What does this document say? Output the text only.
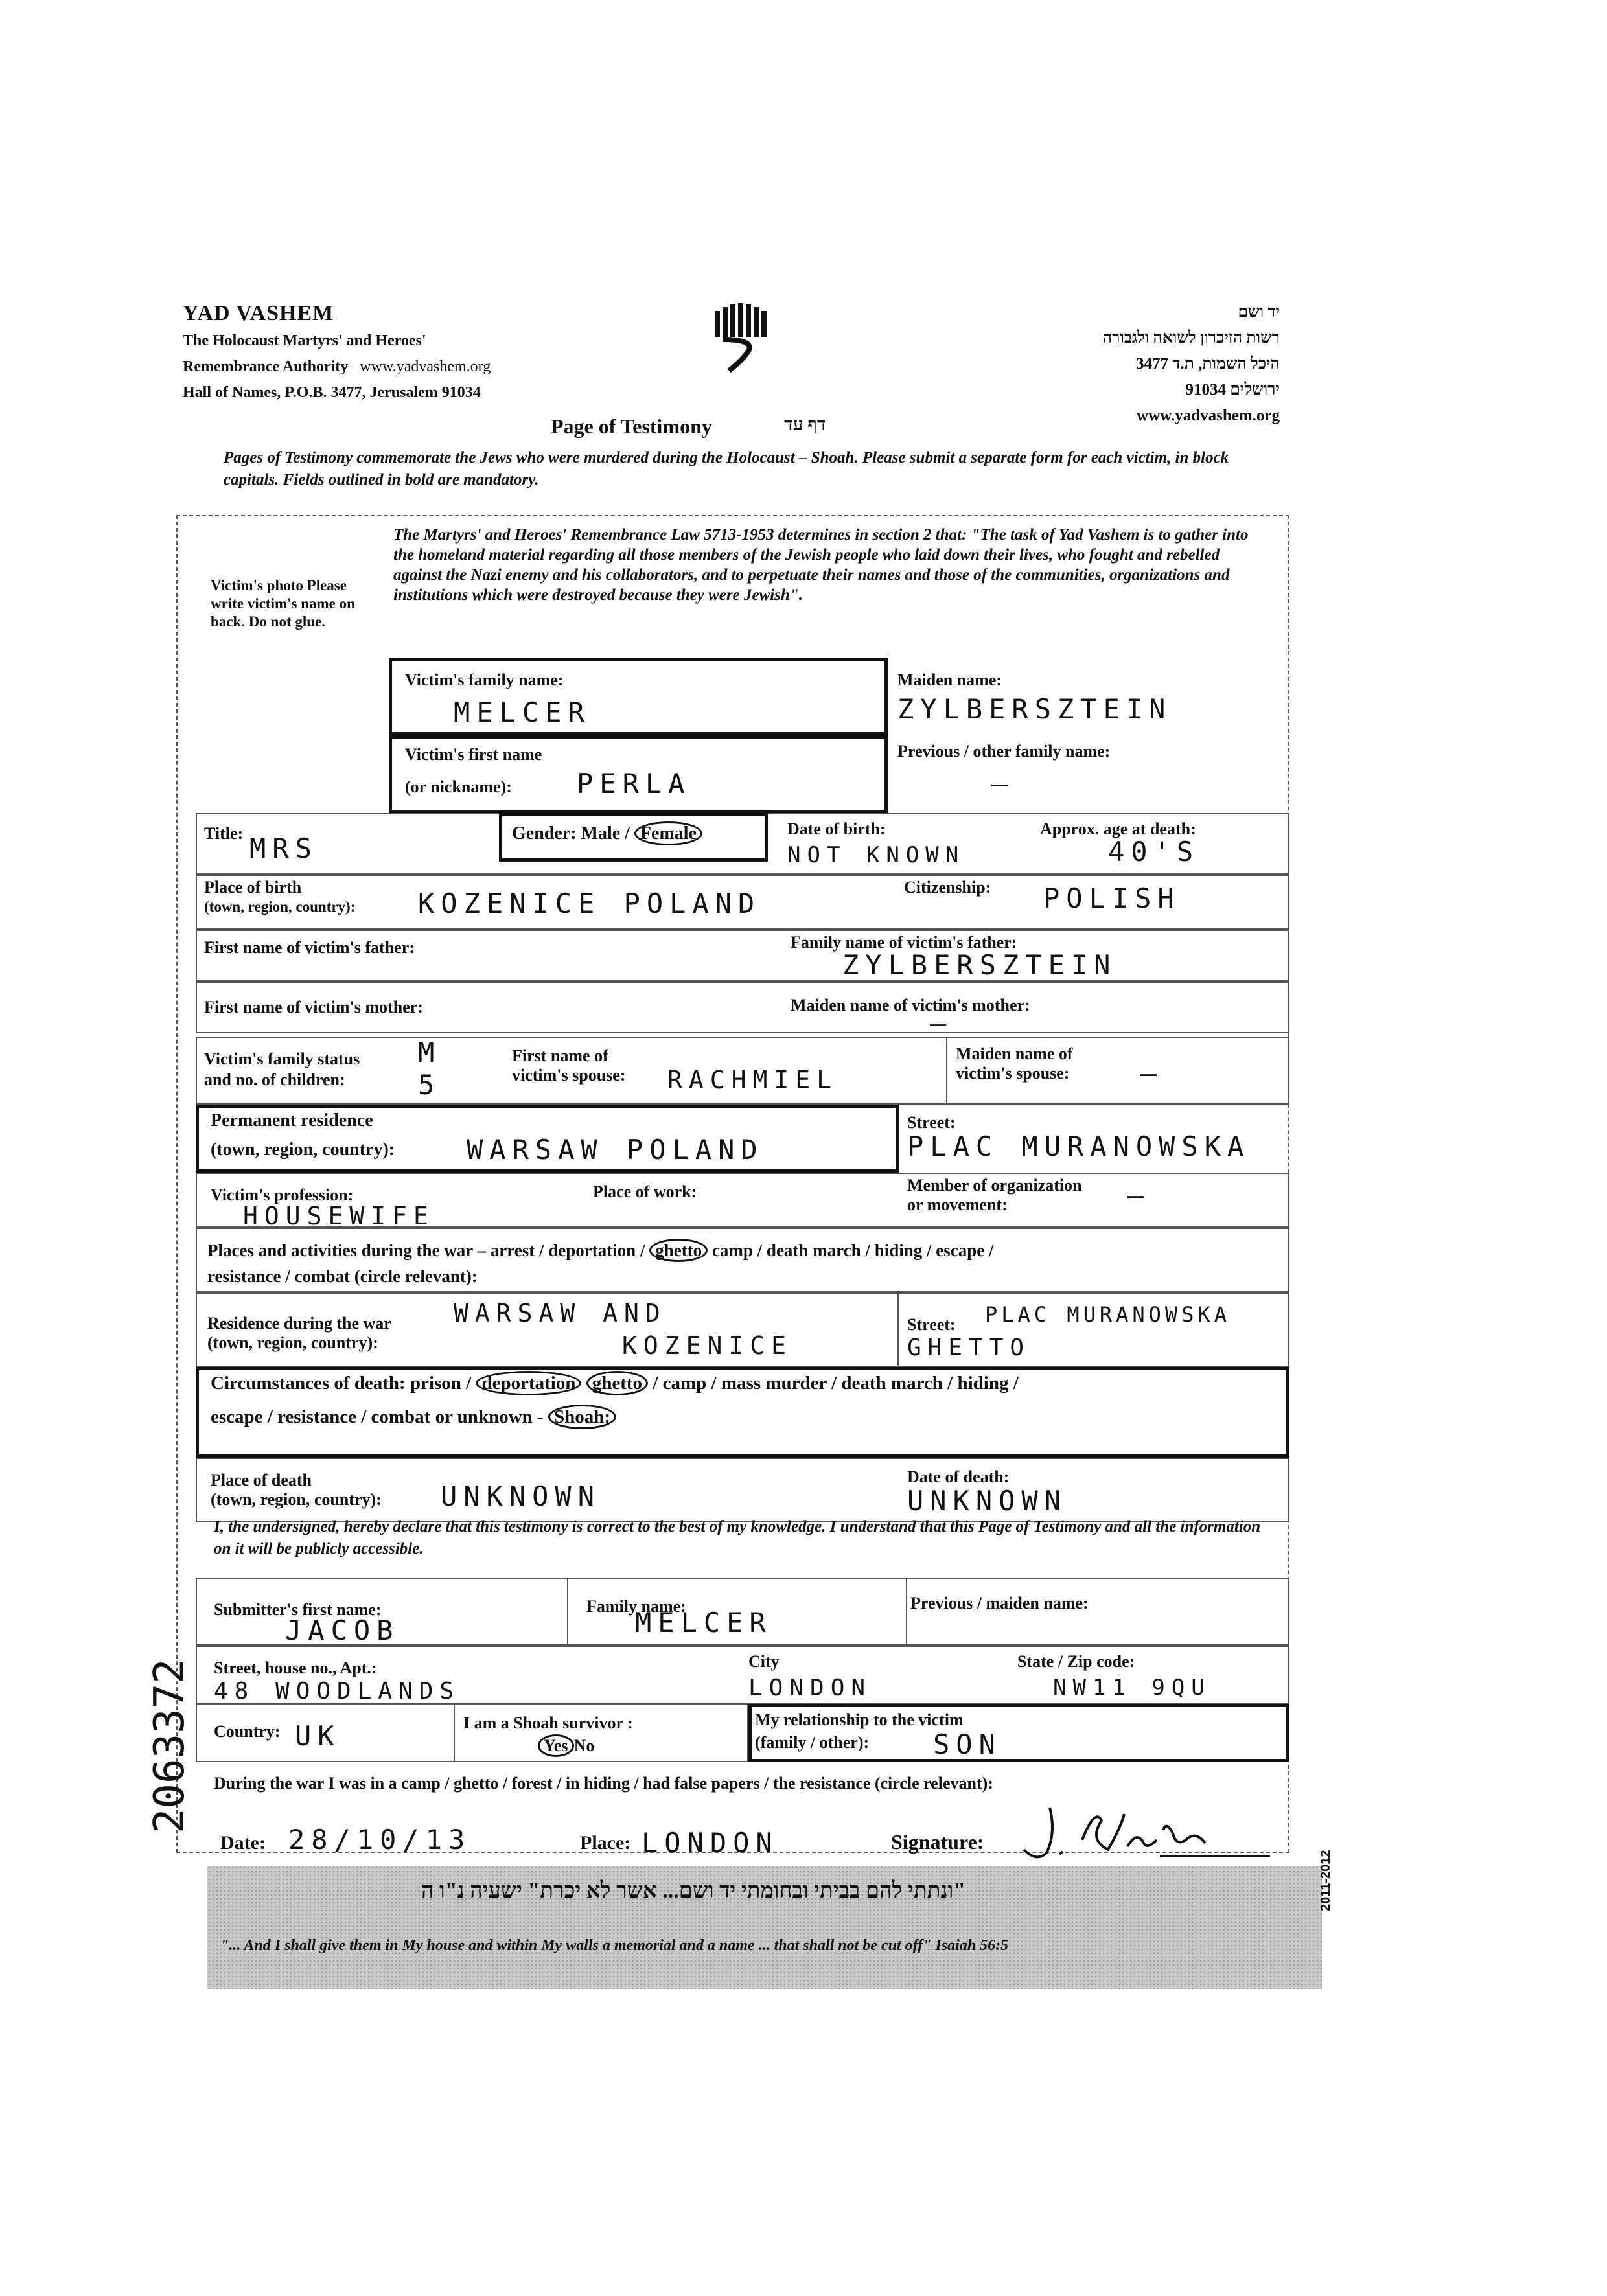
YAD VASHEM
The Holocaust Martyrs' and Heroes'
Remembrance Authority www.yadvashem.org
Hall of Names, P.O.B. 3477, Jerusalem 91034
יד ושם
רשות הזיכרון לשואה ולגבורה
היכל השמות, ת.ד 3477
ירושלים 91034
www.yadvashem.org
Page of Testimony	דף עד
Pages of Testimony commemorate the Jews who were murdered during the Holocaust – Shoah. Please submit a separate form for each victim, in block capitals. Fields outlined in bold are mandatory.
Victim's photo Please write victim's name on back. Do not glue.
The Martyrs' and Heroes' Remembrance Law 5713-1953 determines in section 2 that: "The task of Yad Vashem is to gather into the homeland material regarding all those members of the Jewish people who laid down their lives, who fought and rebelled against the Nazi enemy and his collaborators, and to perpetuate their names and those of the communities, organizations and institutions which were destroyed because they were Jewish".
Victim's family name:
MELCER
Maiden name:
ZYLBERSZTEIN
Victim's first name
(or nickname): PERLA
Previous / other family name:
—
Title: MRS	Gender: Male / Female	Date of birth:
NOT KNOWN
Approx. age at death:
40'S
Place of birth
(town, region, country): KOZENICE POLAND
Citizenship: POLISH
First name of victim's father:	Family name of victim's father:
ZYLBERSZTEIN
First name of victim's mother:	Maiden name of victim's mother:
—
Victim's family status
and no. of children:
M
5
First name of
victim's spouse: RACHMIEL
Maiden name of
victim's spouse:	—
Permanent residence
(town, region, country):	WARSAW POLAND
Street:
PLAC MURANOWSKA
Victim's profession:
HOUSEWIFE
Place of work:	Member of organization
or movement:	—
Places and activities during the war – arrest / deportation / ghetto camp / death march / hiding / escape /
resistance / combat (circle relevant):
Residence during the war
(town, region, country):
WARSAW AND
KOZENICE
Street: PLAC MURANOWSKA
GHETTO
Circumstances of death: prison / deportation ghetto / camp / mass murder / death march / hiding /
escape / resistance / combat or unknown - Shoah:
Place of death
(town, region, country): UNKNOWN
Date of death:
UNKNOWN
I, the undersigned, hereby declare that this testimony is correct to the best of my knowledge. I understand that this Page of Testimony and all the information on it will be publicly accessible.
Submitter's first name:
JACOB
Family name:
MELCER
Previous / maiden name:
Street, house no., Apt.:
48 WOODLANDS
City
LONDON
State / Zip code:
NW11 9QU
Country: UK	I am a Shoah survivor :
Yes No
My relationship to the victim
(family / other): SON
During the war I was in a camp / ghetto / forest / in hiding / had false papers / the resistance (circle relevant):
Date: 28/10/13	Place: LONDON	Signature:
"ונתתי להם בביתי ובחומתי יד ושם... אשר לא יכרת" ישעיה נ"ו ה
"... And I shall give them in My house and within My walls a memorial and a name ... that shall not be cut off" Isaiah 56:5
2011-2012
2063372
